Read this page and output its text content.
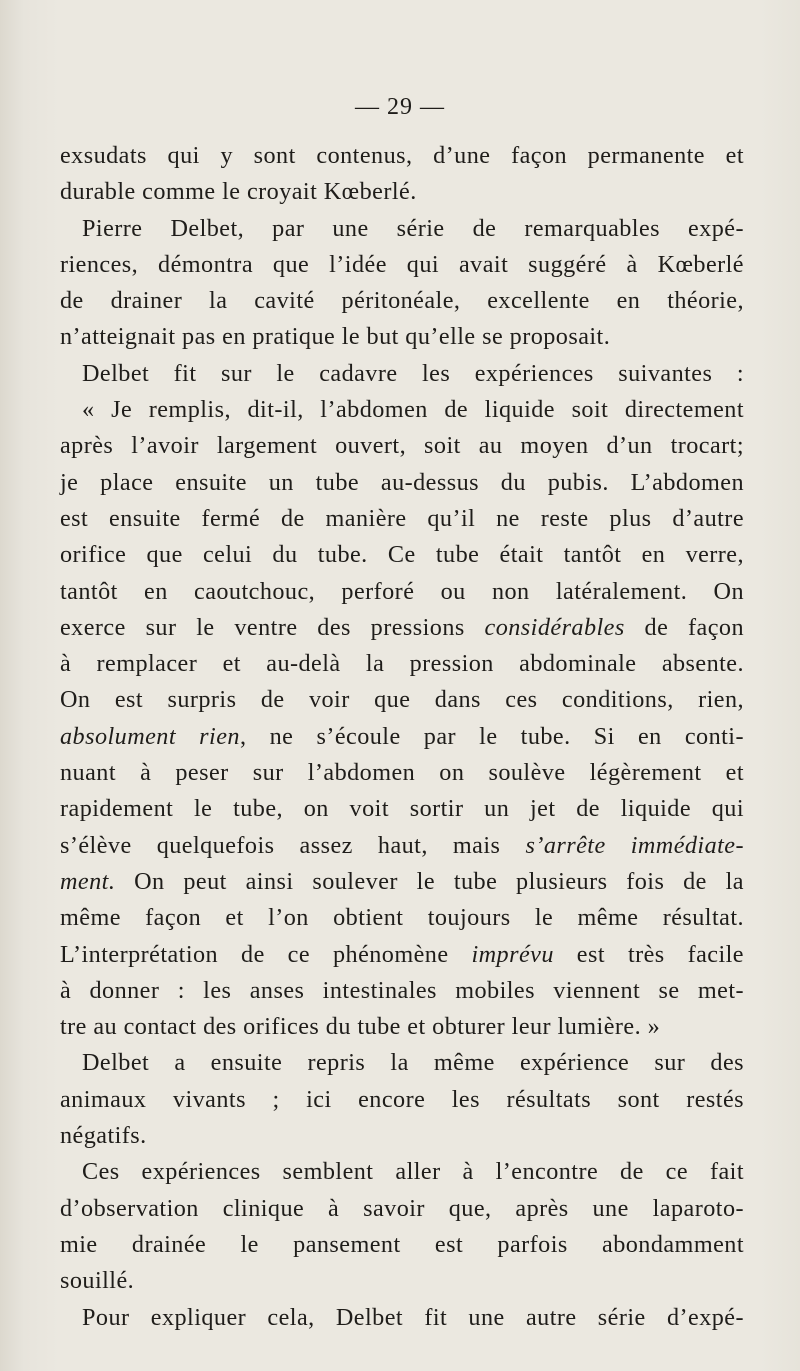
— 29 —
exsudats qui y sont contenus, d’une façon permanente et
durable comme le croyait Kœberlé.
Pierre Delbet, par une série de remarquables expé-
riences, démontra que l’idée qui avait suggéré à Kœberlé
de drainer la cavité péritonéale, excellente en théorie,
n’atteignait pas en pratique le but qu’elle se proposait.
Delbet fit sur le cadavre les expériences suivantes :
« Je remplis, dit-il, l’abdomen de liquide soit directement
après l’avoir largement ouvert, soit au moyen d’un trocart;
je place ensuite un tube au-dessus du pubis. L’abdomen
est ensuite fermé de manière qu’il ne reste plus d’autre
orifice que celui du tube. Ce tube était tantôt en verre,
tantôt en caoutchouc, perforé ou non latéralement. On
exerce sur le ventre des pressions considérables de façon
à remplacer et au-delà la pression abdominale absente.
On est surpris de voir que dans ces conditions, rien,
absolument rien, ne s’écoule par le tube. Si en conti-
nuant à peser sur l’abdomen on soulève légèrement et
rapidement le tube, on voit sortir un jet de liquide qui
s’élève quelquefois assez haut, mais s’arrête immédiate-
ment. On peut ainsi soulever le tube plusieurs fois de la
même façon et l’on obtient toujours le même résultat.
L’interprétation de ce phénomène imprévu est très facile
à donner : les anses intestinales mobiles viennent se met-
tre au contact des orifices du tube et obturer leur lumière. »
Delbet a ensuite repris la même expérience sur des
animaux vivants ; ici encore les résultats sont restés
négatifs.
Ces expériences semblent aller à l’encontre de ce fait
d’observation clinique à savoir que, après une laparoto-
mie drainée le pansement est parfois abondamment
souillé.
Pour expliquer cela, Delbet fit une autre série d’expé-
